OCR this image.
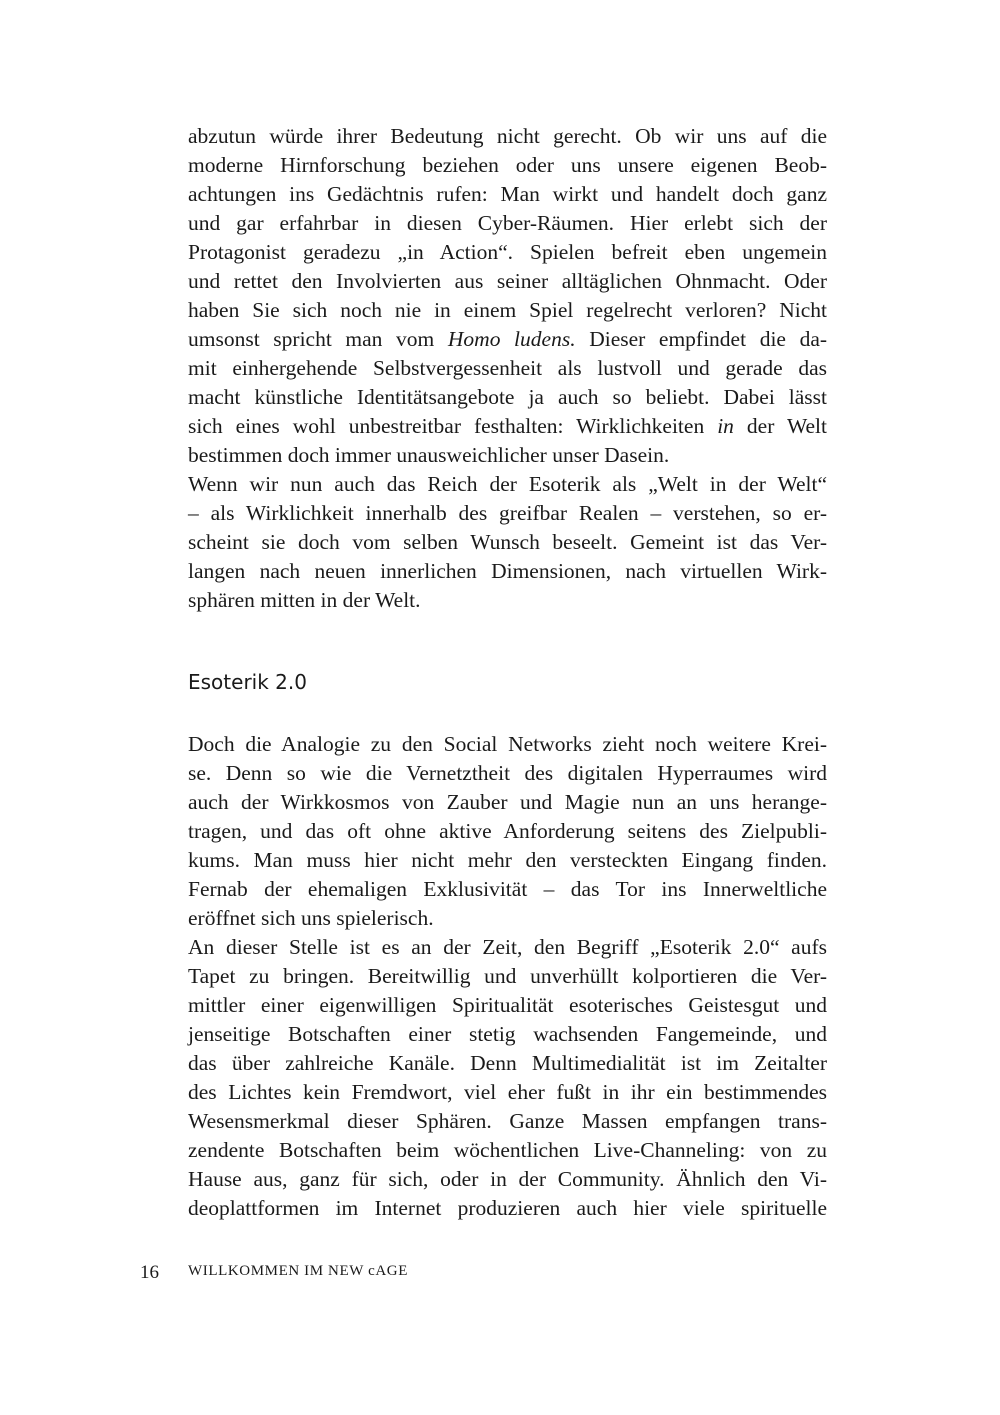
abzutun würde ihrer Bedeutung nicht gerecht. Ob wir uns auf die
moderne Hirnforschung beziehen oder uns unsere eigenen Beob-
achtungen ins Gedächtnis rufen: Man wirkt und handelt doch ganz
und gar erfahrbar in diesen Cyber-Räumen. Hier erlebt sich der
Protagonist geradezu „in Action“. Spielen befreit eben ungemein
und rettet den Involvierten aus seiner alltäglichen Ohnmacht. Oder
haben Sie sich noch nie in einem Spiel regelrecht verloren? Nicht
umsonst spricht man vom Homo ludens. Dieser empfindet die da-
mit einhergehende Selbstvergessenheit als lustvoll und gerade das
macht künstliche Identitätsangebote ja auch so beliebt. Dabei lässt
sich eines wohl unbestreitbar festhalten: Wirklichkeiten in der Welt
bestimmen doch immer unausweichlicher unser Dasein.
Wenn wir nun auch das Reich der Esoterik als „Welt in der Welt“
– als Wirklichkeit innerhalb des greifbar Realen – verstehen, so er-
scheint sie doch vom selben Wunsch beseelt. Gemeint ist das Ver-
langen nach neuen innerlichen Dimensionen, nach virtuellen Wirk-
sphären mitten in der Welt.
Esoterik 2.0
Doch die Analogie zu den Social Networks zieht noch weitere Krei-
se. Denn so wie die Vernetztheit des digitalen Hyperraumes wird
auch der Wirkkosmos von Zauber und Magie nun an uns herange-
tragen, und das oft ohne aktive Anforderung seitens des Zielpubli-
kums. Man muss hier nicht mehr den versteckten Eingang finden.
Fernab der ehemaligen Exklusivität – das Tor ins Innerweltliche
eröffnet sich uns spielerisch.
An dieser Stelle ist es an der Zeit, den Begriff „Esoterik 2.0“ aufs
Tapet zu bringen. Bereitwillig und unverhüllt kolportieren die Ver-
mittler einer eigenwilligen Spiritualität esoterisches Geistesgut und
jenseitige Botschaften einer stetig wachsenden Fangemeinde, und
das über zahlreiche Kanäle. Denn Multimedialität ist im Zeitalter
des Lichtes kein Fremdwort, viel eher fußt in ihr ein bestimmendes
Wesensmerkmal dieser Sphären. Ganze Massen empfangen trans-
zendente Botschaften beim wöchentlichen Live-Channeling: von zu
Hause aus, ganz für sich, oder in der Community. Ähnlich den Vi-
deoplattformen im Internet produzieren auch hier viele spirituelle
16 WILLKOMMEN IM NEW cAGE
